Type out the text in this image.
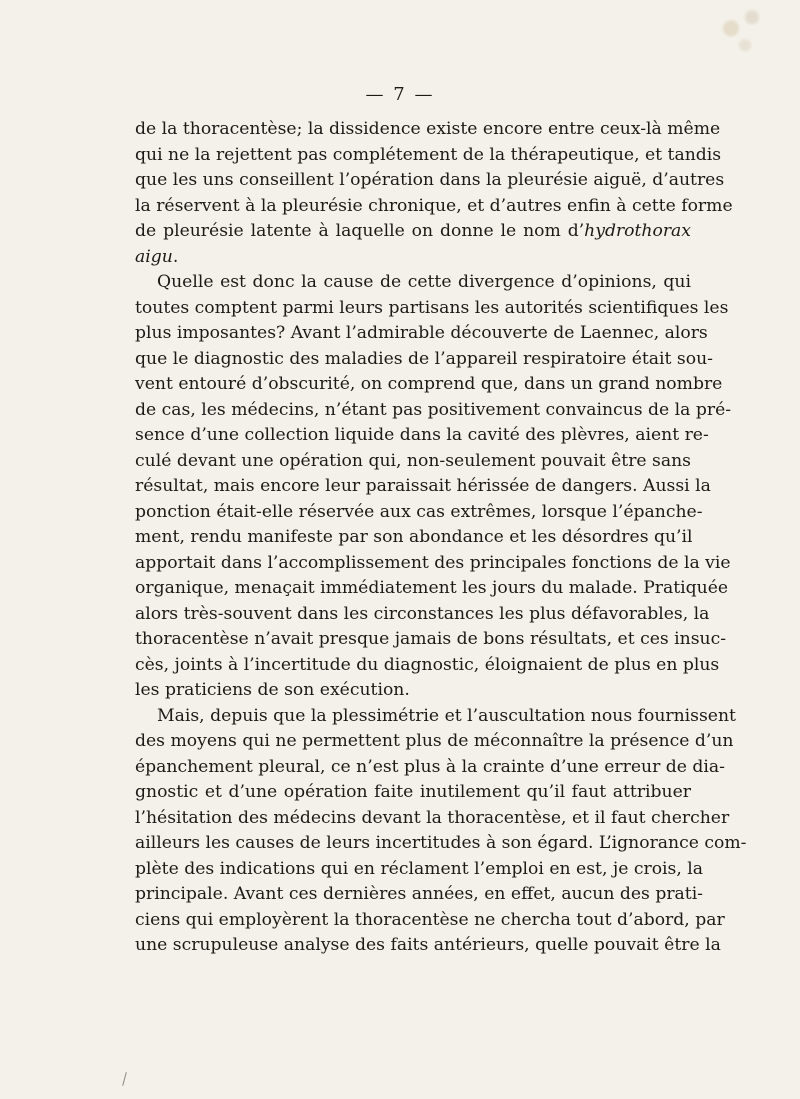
— 7 —
de la thoracentèse; la dissidence existe encore entre ceux-là même
qui ne la rejettent pas complétement de la thérapeutique, et tandis
que les uns conseillent l’opération dans la pleurésie aiguë, d’autres
la réservent à la pleurésie chronique, et d’autres enfin à cette forme
de pleurésie latente à laquelle on donne le nom d’hydrothorax
aigu.
Quelle est donc la cause de cette divergence d’opinions, qui
toutes comptent parmi leurs partisans les autorités scientifiques les
plus imposantes? Avant l’admirable découverte de Laennec, alors
que le diagnostic des maladies de l’appareil respiratoire était sou-
vent entouré d’obscurité, on comprend que, dans un grand nombre
de cas, les médecins, n’étant pas positivement convaincus de la pré-
sence d’une collection liquide dans la cavité des plèvres, aient re-
culé devant une opération qui, non-seulement pouvait être sans
résultat, mais encore leur paraissait hérissée de dangers. Aussi la
ponction était-elle réservée aux cas extrêmes, lorsque l’épanche-
ment, rendu manifeste par son abondance et les désordres qu’il
apportait dans l’accomplissement des principales fonctions de la vie
organique, menaçait immédiatement les jours du malade. Pratiquée
alors très-souvent dans les circonstances les plus défavorables, la
thoracentèse n’avait presque jamais de bons résultats, et ces insuc-
cès, joints à l’incertitude du diagnostic, éloignaient de plus en plus
les praticiens de son exécution.
Mais, depuis que la plessimétrie et l’auscultation nous fournissent
des moyens qui ne permettent plus de méconnaître la présence d’un
épanchement pleural, ce n’est plus à la crainte d’une erreur de dia-
gnostic et d’une opération faite inutilement qu’il faut attribuer
l’hésitation des médecins devant la thoracentèse, et il faut chercher
ailleurs les causes de leurs incertitudes à son égard. L’ignorance com-
plète des indications qui en réclament l’emploi en est, je crois, la
principale. Avant ces dernières années, en effet, aucun des prati-
ciens qui employèrent la thoracentèse ne chercha tout d’abord, par
une scrupuleuse analyse des faits antérieurs, quelle pouvait être la
